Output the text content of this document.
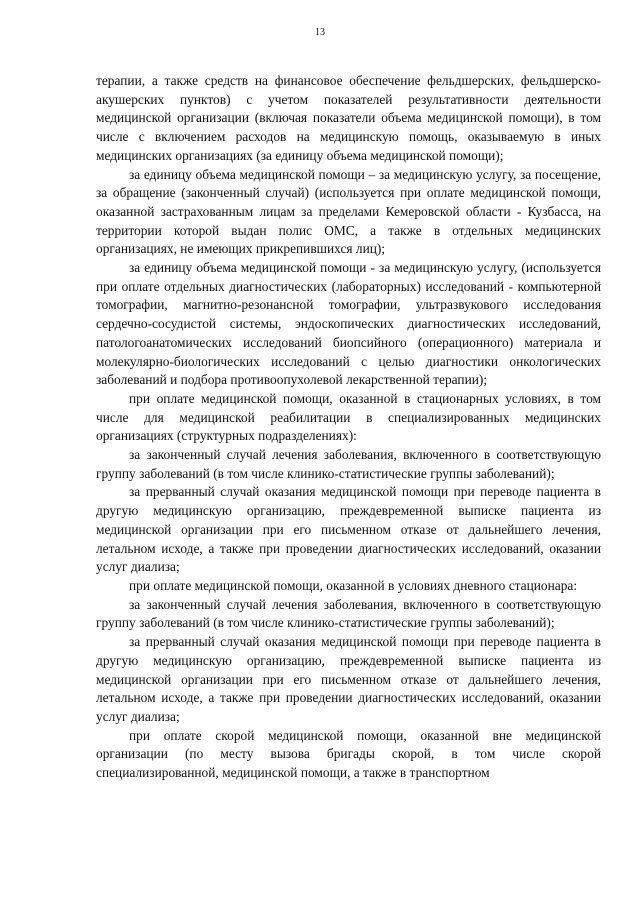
13

терапии, а также средств на финансовое обеспечение фельдшерских, фельдшерско-акушерских пунктов) с учетом показателей результативности деятельности медицинской организации (включая показатели объема медицинской помощи), в том числе с включением расходов на медицинскую помощь, оказываемую в иных медицинских организациях (за единицу объема медицинской помощи);

за единицу объема медицинской помощи – за медицинскую услугу, за посещение, за обращение (законченный случай) (используется при оплате медицинской помощи, оказанной застрахованным лицам за пределами Кемеровской области - Кузбасса, на территории которой выдан полис ОМС, а также в отдельных медицинских организациях, не имеющих прикрепившихся лиц);

за единицу объема медицинской помощи - за медицинскую услугу, (используется при оплате отдельных диагностических (лабораторных) исследований - компьютерной томографии, магнитно-резонансной томографии, ультразвукового исследования сердечно-сосудистой системы, эндоскопических диагностических исследований, патологоанатомических исследований биопсийного (операционного) материала и молекулярно-биологических исследований с целью диагностики онкологических заболеваний и подбора противоопухолевой лекарственной терапии);

при оплате медицинской помощи, оказанной в стационарных условиях, в том числе для медицинской реабилитации в специализированных медицинских организациях (структурных подразделениях):

за законченный случай лечения заболевания, включенного в соответствующую группу заболеваний (в том числе клинико-статистические группы заболеваний);

за прерванный случай оказания медицинской помощи при переводе пациента в другую медицинскую организацию, преждевременной выписке пациента из медицинской организации при его письменном отказе от дальнейшего лечения, летальном исходе, а также при проведении диагностических исследований, оказании услуг диализа;

при оплате медицинской помощи, оказанной в условиях дневного стационара:

за законченный случай лечения заболевания, включенного в соответствующую группу заболеваний (в том числе клинико-статистические группы заболеваний);

за прерванный случай оказания медицинской помощи при переводе пациента в другую медицинскую организацию, преждевременной выписке пациента из медицинской организации при его письменном отказе от дальнейшего лечения, летальном исходе, а также при проведении диагностических исследований, оказании услуг диализа;

при оплате скорой медицинской помощи, оказанной вне медицинской организации (по месту вызова бригады скорой, в том числе скорой специализированной, медицинской помощи, а также в транспортном
